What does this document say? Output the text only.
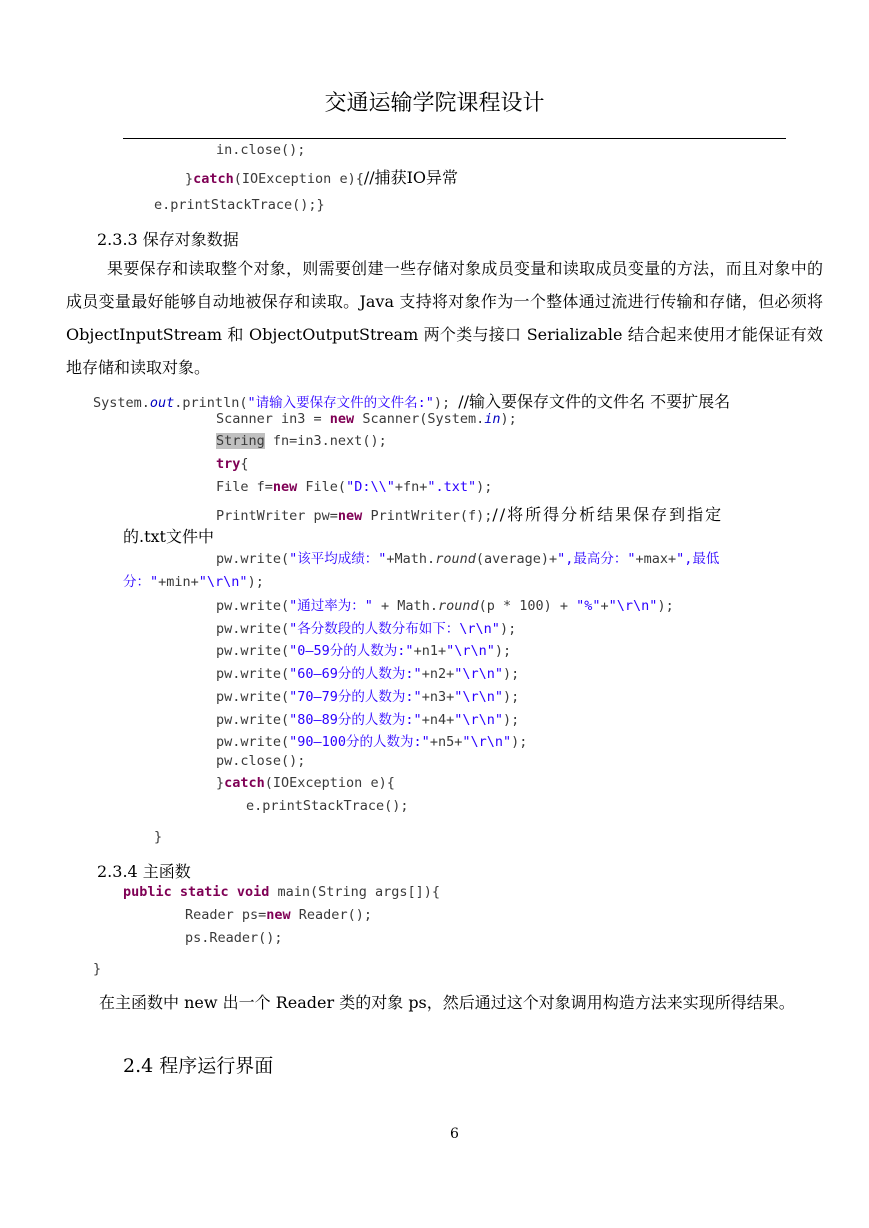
交通运输学院课程设计
in.close();
}catch(IOException e){//捕获IO异常
e.printStackTrace();}
2.3.3 保存对象数据

果要保存和读取整个对象，则需要创建一些存储对象成员变量和读取成员变量的方法，而且对象中的成员变量最好能够自动地被保存和读取。Java 支持将对象作为一个整体通过流进行传输和存储，但必须将 ObjectInputStream 和 ObjectOutputStream 两个类与接口 Serializable 结合起来使用才能保证有效地存储和读取对象。

System.out.println("请输入要保存文件的文件名:"); //输入要保存文件的文件名 不要扩展名
Scanner in3 = new Scanner(System.in);
String fn=in3.next();
try{
File f=new File("D:\\"+fn+".txt");
PrintWriter pw=new PrintWriter(f);//将所得分析结果保存到指定
的.txt文件中
pw.write("该平均成绩："+Math.round(average)+",最高分："+max+",最低
分："+min+"\r\n");
pw.write("通过率为：" + Math.round(p * 100) + "%"+"\r\n");
pw.write("各分数段的人数分布如下：\r\n");
pw.write("0—59分的人数为:"+n1+"\r\n");
pw.write("60—69分的人数为:"+n2+"\r\n");
pw.write("70—79分的人数为:"+n3+"\r\n");
pw.write("80—89分的人数为:"+n4+"\r\n");
pw.write("90—100分的人数为:"+n5+"\r\n");
pw.close();
}catch(IOException e){
e.printStackTrace();
}
2.3.4 主函数
public static void main(String args[]){
Reader ps=new Reader();
ps.Reader();
}
在主函数中 new 出一个 Reader 类的对象 ps，然后通过这个对象调用构造方法来实现所得结果。
2.4 程序运行界面
6
